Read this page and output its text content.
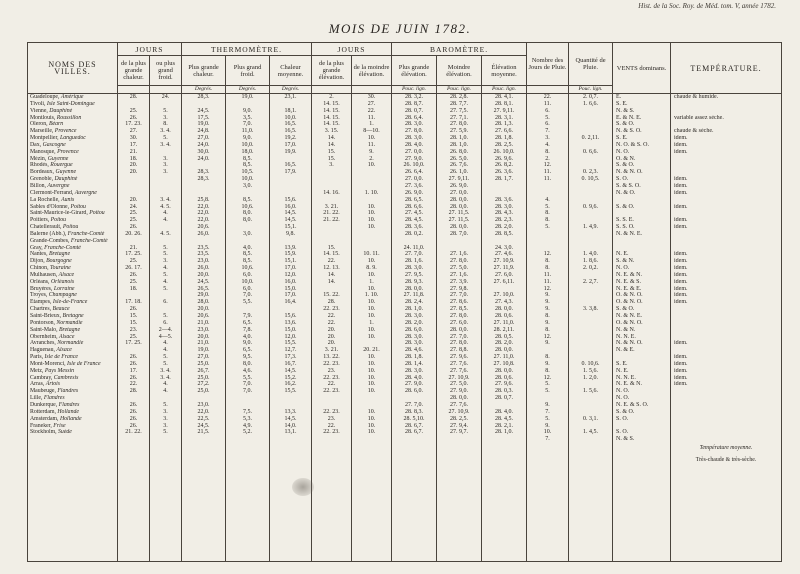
Hist. de la Soc. Roy. de Méd. tom. V, année 1782.
MOIS DE JUIN 1782.
NOMS DES VILLES.	JOURS		THERMOMÈTRE.			JOURS		BAROMÈTRE.			Nombre des Jours de Pluie.	Quantité de Pluie.	VENTS dominans.	TEMPÉRATURE.
	de la plus grande chaleur.	ou plus grand froid.	Plus grande chaleur.	Plus grand froid.	Chaleur moyenne.	de la plus grande élévation.	de la moindre élévation.	Plus grande élévation.	Moindre élévation.	Élévation moyenne.				
			Degrés.	Degrés.	Degrés.			Pouc. lign.	Pouc. lign.	Pouc. lign.		Pouc. lign.		
Guadeloupe, Amérique	28.	24.	28,3.	19,0.	23,1.	2.	30.	28. 3,2.	28. 2,8.	28. 4,1.	22.	2. 0,7.	E.	chaude & humide.
Tivoli, Isle Saint-Domingue						14. 15.	27.	28. 8,7.	28. 7,7.	28. 8,1.	11.	1. 6,6.	S. E.	
Vienne, Dauphiné	25.	5.	24,5.	9,0.	18,1.	14. 15.	22.	28. 0,7.	27. 7,5.	27. 9,11.	6.		N. & S.	
Montlouis, Roussillon	26.	3.	17,5.	3,5.	10,0.	14. 15.	11.	28. 6,4.	27. 7,1.	28. 3,1.	5.		E. & N. E.	variable assez sèche.
Oleron, Béarn	17. 23.	8.	19,0.	7,0.	16,5.	14. 15.	1.	28. 3,0.	27. 8,0.	28. 1,3.	6.		S. & O.	
Marseille, Provence	27.	3. 4.	24,8.	11,0.	16,5.	3. 15.	8—10.	27. 8,0.	27. 5,9.	27. 6,6.	7.		N. & S. O.	chaude & sèche.
Montpellier, Languedoc	30.	5.	27,0.	9,0.	19,2.	14.	10.	28. 3,0.	28. 1,0.	28. 1,8.	3.	0. 2,11.	S. E.	idem.
Dax, Gascogne	17.	3. 4.	24,0.	10,0.	17,0.	14.	11.	28. 4,0.	28. 1,0.	28. 2,5.	4.		N. O. & S. O.	idem.
Manosque, Provence	21.		30,0.	18,0.	19,9.	15.	9.	27. 0,0.	26. 8,0.	26. 10,0.	8.	0. 6,6.	N. O.	idem.
Mézin, Guyenne	18.	3.	24,0.	8,5.		15.	2.	27. 9,0.	26. 5,0.	26. 9,6.	2.		O. & N.	
Rhodès, Rouergue	20.	3.		8,5.	16,5.	3.	10.	26. 10,0.	26. 7,6.	26. 8,2.	12.		S. & O.	
Bordeaux, Guyenne	20.	3.	28,3.	10,5.	17,9.			26. 6,4.	26. 1,0.	26. 3,6.	11.	0. 2,3.	N. & N. O.	
Grenoble, Dauphiné			28,3.	10,0.				27. 0,0.	27. 9,11.	28. 1,7.	11.	0. 10,5.	S. O.	idem.
Billon, Auvergne				3,0.				27. 3,6.	26. 9,0.				S. & S. O.	idem.
Clermont-Ferrand, Auvergne						14. 16.	1. 10.	26. 9,0.	27. 0,0.				N. & O.	idem.
La Rochelle, Aunis	20.	3. 4.	25,8.	8,5.	15,6.			28. 6,5.	28. 0,0.	28. 3,6.	4.			
Sables d'Olonne, Poitou	24.	4. 5.	22,0.	10,6.	16,0.	3. 21.	10.	28. 6,6.	28. 0,0.	28. 3,0.	5.	0. 9,6.	S. & O.	idem.
Saint-Maurice-le-Girard, Poitou	25.	4.	22,0.	8,0.	14,5.	21. 22.	10.	27. 4,5.	27. 11,5.	28. 4,3.	8.			
Poitiers, Poitou	25.	4.	22,0.	8,0.	14,5.	21. 22.	10.	28. 4,5.	27. 11,5.	28. 2,3.	8.		S. S. E.	idem.
Chatellerault, Poitou	26.		20,6.		15,1.		10.	28. 3,6.	28. 0,0.	28. 2,0.	5.	1. 4,9.	S. S. O.	idem.
Balerne (Abb.), Franche-Comté	20. 26.	4. 5.	26,0.	3,0.	9,8.			28. 0,2.	28. 7,0.	28. 8,5.			N. & N. E.	
Grande-Combes, Franche-Comté														
Gray, Franche-Comté	21.	5.	23,5.	4,0.	13,9.	15.		24. 11,0.		24. 3,0.				
Nantes, Bretagne	17. 25.	5.	23,5.	8,5.	15,9.	14. 15.	10. 11.	27. 7,0.	27. 1,6.	27. 4,6.	12.	1. 4,0.	N. E.	idem.
Dijon, Bourgogne	25.	3.	23,0.	8,5.	15,1.	22.	10.	28. 1,6.	27. 8,0.	27. 10,9.	8.	1. 8,6.	S. & N.	idem.
Chinon, Touraine	26. 17.	4.	26,0.	10,6.	17,0.	12. 13.	8. 9.	28. 3,0.	27. 5,0.	27. 11,9.	8.	2. 0,2.	N. O.	idem.
Mulhausen, Alsace	26.	5.	20,0.	6,0.	12,0.	14.	10.	27. 9,5.	27. 1,6.	27. 6,0.	11.		N. E. & N.	idem.
Orléans, Orléanois	25.	4.	24,5.	10,0.	16,0.	14.	1.	28. 9,3.	27. 3,9.	27. 6,11.	11.	2. 2,7.	N. E. & S.	idem.
Bruyères, Lorraine	18.	5.	26,5.	6,0.	15,0.		10.	28. 0,0.	27. 9,8.		12.		N. E. & E.	idem.
Troyes, Champagne			29,0.	7,0.	17,0.	15. 22.	1. 10.	27. 11,8.	27. 7,0.	27. 10,0.	9.		O. & N. O.	idem.
Etampes, Isle-de-France	17. 18.	6.	28,0.	5,5.	16,4.	28.	10.	28. 2,4.	27. 8,6.	27. 4,3.	9.		O. & N. O.	idem.
Chartres, Beauce	26.		20,0.			22. 23.	10.	28. 1,0.	27. 8,5.	28. 0,0.	9.	3. 3,8.	S. & O.	
Saint-Brieux, Bretagne	15.	5.	20,6.	7,9.	15,6.	22.	10.	28. 3,0.	27. 8,0.	28. 0,6.	8.		N. & N. E.	
Pontorson, Normandie	15.	6.	21,0.	6,5.	13,6.	22.	1.	28. 2,0.	27. 6,0.	27. 11,0.	9.		O. & N. O.	
Saint-Malo, Bretagne	23.	2—4.	23,0.	7,8.	15,0.	20.	10.	28. 6,0.	28. 0,0.	28. 2,11.	8.		N. & N.	
Obernheim, Alsace	25.	4—5.	20,0.	4,0.	12,0.	20.	10.	28. 3,0.	27. 7,0.	28. 0,5.	12.		N. N. E.	
Avranches, Normandie	17. 25.	4.	21,0.	9,0.	15,5.	20.		28. 3,0.	27. 8,0.	28. 2,0.	9.		N. & N. O.	idem.
Haguenau, Alsace		4.	19,0.	6,5.	12,7.	3. 21.	20. 21.	28. 4,6.	27. 8,8.	28. 0,0.			N. & E.	
Paris, Isle de France	26.	5.	27,0.	9,5.	17,3.	13. 22.	10.	28. 1,8.	27. 9,6.	27. 11,0.	8.			idem.
Mont-Morenci, Isle de France	26.	5.	25,0.	8,0.	16,7.	22. 23.	10.	28. 1,4.	27. 7,6.	27. 10,8.	9.	0. 10,6.	S. E.	idem.
Metz, Pays Messin	17.	3. 4.	26,7.	4,6.	14,5.	23.	10.	28. 3,0.	27. 7,6.	28. 0,0.	8.	1. 5,6.	N. E.	idem.
Cambray, Cambresis	26.	3. 4.	25,0.	5,5.	15,2.	22. 23.	10.	28. 4,0.	27. 10,9.	28. 0,6.	12.	1. 2,0.	N. N. E.	idem.
Arras, Artois	22.	4.	27,2.	7,0.	16,2.	22.	10.	27. 9,0.	27. 5,0.	27. 9,6.	5.		N. E. & N.	idem.
Maubeuge, Flandres	28.	4.	25,0.	7,0.	15,5.	22. 23.	10.	28. 6,0.	27. 9,0.	28. 0,3.	5.	1. 5,6.	N. O.	
Lille, Flandres									28. 0,0.	28. 0,7.			N. O.	
Dunkerque, Flandres	26.	5.	23,0.					27. 7,0.	27. 7,6.		9.		N. E. & S. O.	
Rotterdam, Hollande	26.	3.	22,0.	7,5.	13,3.	22. 23.	10.	28. 8,3.	27. 10,9.	28. 4,0.	7.		S. & O.	
Amsterdam, Hollande	26.	3.	22,5.	5,3.	14,5.	23.	10.	28. 5,10.	28. 2,5.	28. 4,5.	5.	0. 3,1.	S. O.	
Franeker, Frise	26.	3.	24,5.	4,9.	14,0.	22.	10.	28. 6,7.	27. 9,4.	28. 2,1.	9.			
Stockholm, Suède	21. 22.	5.	21,5.	5,2.	13,1.	22. 23.	10.	28. 6,7.	27. 9,7.	28. 1,0.	10.	1. 4,5.	S. O.	
											7.		N. & S.	

														Température moyenne.
Très-chaude & très-sèche.
